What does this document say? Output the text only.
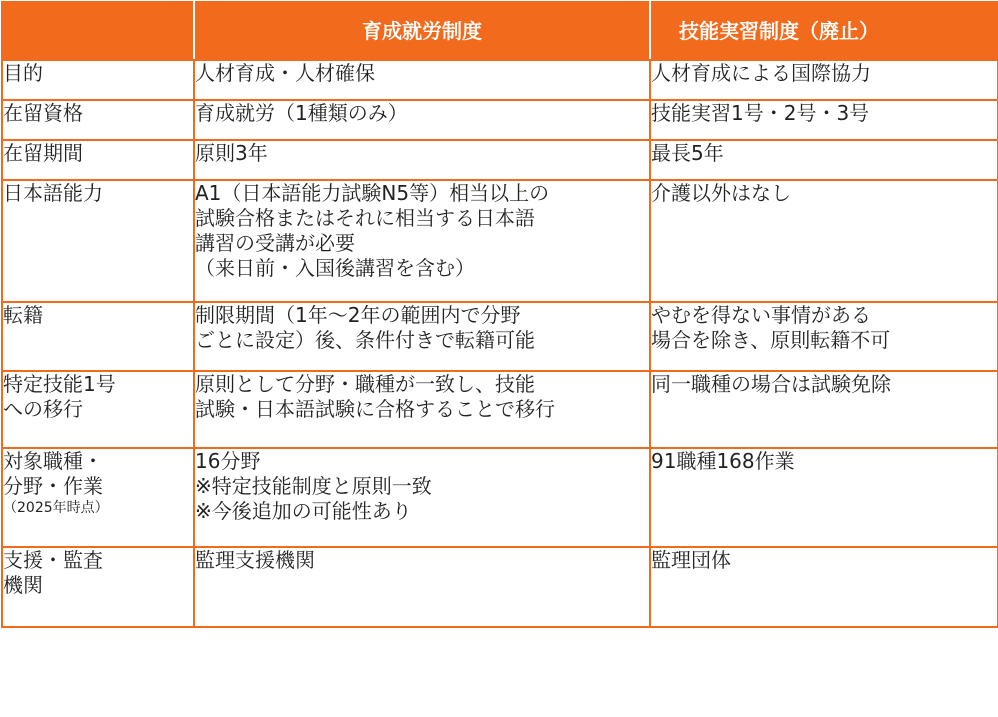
	育成就労制度	技能実習制度（廃止）

目的	人材育成・人材確保	人材育成による国際協力

在留資格	育成就労（1種類のみ）	技能実習1号・2号・3号

在留期間	原則3年	最長5年

日本語能力	A1（日本語能力試験N5等）相当以上の
試験合格またはそれに相当する日本語
講習の受講が必要
（来日前・入国後講習を含む）	介護以外はなし

転籍	制限期間（1年〜2年の範囲内で分野
ごとに設定）後、条件付きで転籍可能	やむを得ない事情がある
場合を除き、原則転籍不可

特定技能1号
への移行	原則として分野・職種が一致し、技能
試験・日本語試験に合格することで移行	同一職種の場合は試験免除

対象職種・
分野・作業
（2025年時点）	16分野
※特定技能制度と原則一致
※今後追加の可能性あり	91職種168作業

支援・監査
機関	監理支援機関	監理団体
